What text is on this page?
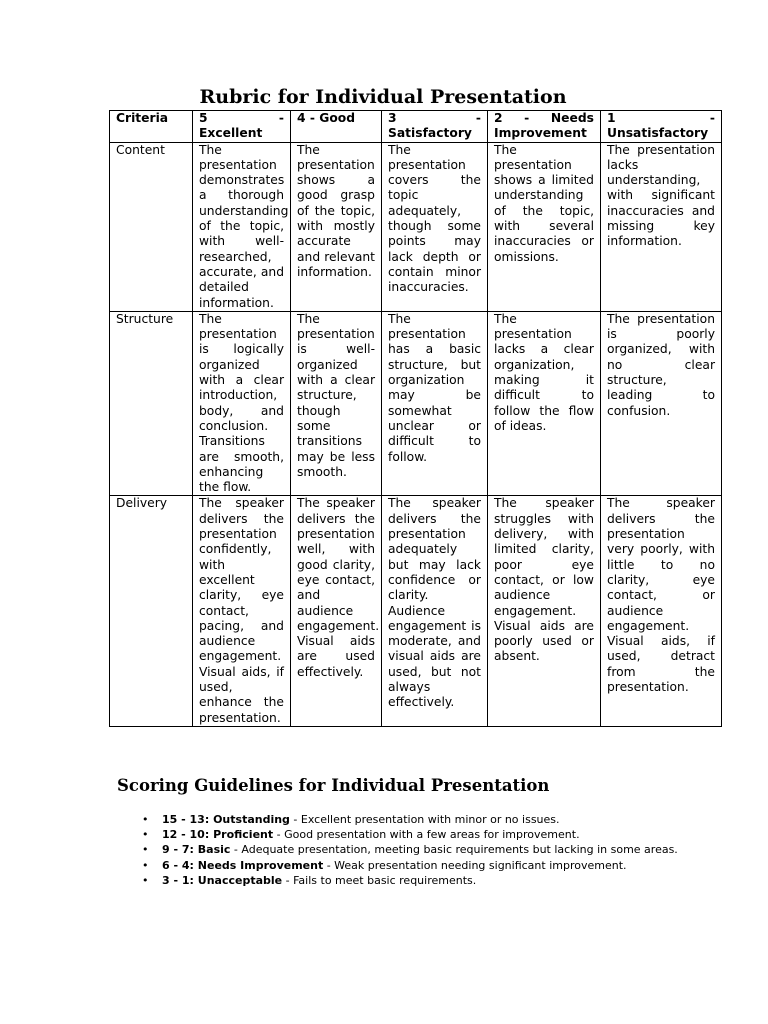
Rubric for Individual Presentation
Criteria	5 - Excellent	4 - Good	3 - Satisfactory	2 - Needs Improvement	1 - Unsatisfactory
Content	The presentation demonstrates a thorough understanding of the topic, with well-researched, accurate, and detailed information.	The presentation shows a good grasp of the topic, with mostly accurate and relevant information.	The presentation covers the topic adequately, though some points may lack depth or contain minor inaccuracies.	The presentation shows a limited understanding of the topic, with several inaccuracies or omissions.	The presentation lacks understanding, with significant inaccuracies and missing key information.
Structure	The presentation is logically organized with a clear introduction, body, and conclusion. Transitions are smooth, enhancing the flow.	The presentation is well-organized with a clear structure, though some transitions may be less smooth.	The presentation has a basic structure, but organization may be somewhat unclear or difficult to follow.	The presentation lacks a clear organization, making it difficult to follow the flow of ideas.	The presentation is poorly organized, with no clear structure, leading to confusion.
Delivery	The speaker delivers the presentation confidently, with excellent clarity, eye contact, pacing, and audience engagement. Visual aids, if used, enhance the presentation.	The speaker delivers the presentation well, with good clarity, eye contact, and audience engagement. Visual aids are used effectively.	The speaker delivers the presentation adequately but may lack confidence or clarity. Audience engagement is moderate, and visual aids are used, but not always effectively.	The speaker struggles with delivery, with limited clarity, poor eye contact, or low audience engagement. Visual aids are poorly used or absent.	The speaker delivers the presentation very poorly, with little to no clarity, eye contact, or audience engagement. Visual aids, if used, detract from the presentation.
Scoring Guidelines for Individual Presentation
• 15 - 13: Outstanding - Excellent presentation with minor or no issues.
• 12 - 10: Proficient - Good presentation with a few areas for improvement.
• 9 - 7: Basic - Adequate presentation, meeting basic requirements but lacking in some areas.
• 6 - 4: Needs Improvement - Weak presentation needing significant improvement.
• 3 - 1: Unacceptable - Fails to meet basic requirements.
